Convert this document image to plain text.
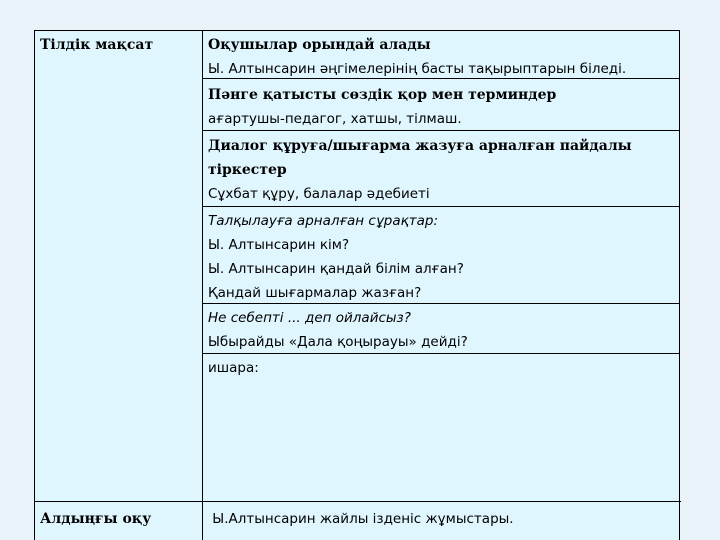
Тілдік мақсат
Алдыңғы оқу
Оқушылар орындай алады
Ы. Алтынсарин әңгімелерінің басты тақырыптарын біледі.
Пәнге қатысты сөздік қор мен терминдер
ағартушы-педагог, хатшы, тілмаш.
Диалог құруға/шығарма жазуға арналған пайдалы
тіркестер
Сұхбат құру, балалар әдебиеті
Талқылауға арналған сұрақтар:
Ы. Алтынсарин кім?
Ы. Алтынсарин қандай білім алған?
Қандай шығармалар жазған?
Не себепті ... деп ойлайсыз?
Ыбырайды «Дала қоңырауы» дейді?
ишара:
Ы.Алтынсарин жайлы ізденіс жұмыстары.
